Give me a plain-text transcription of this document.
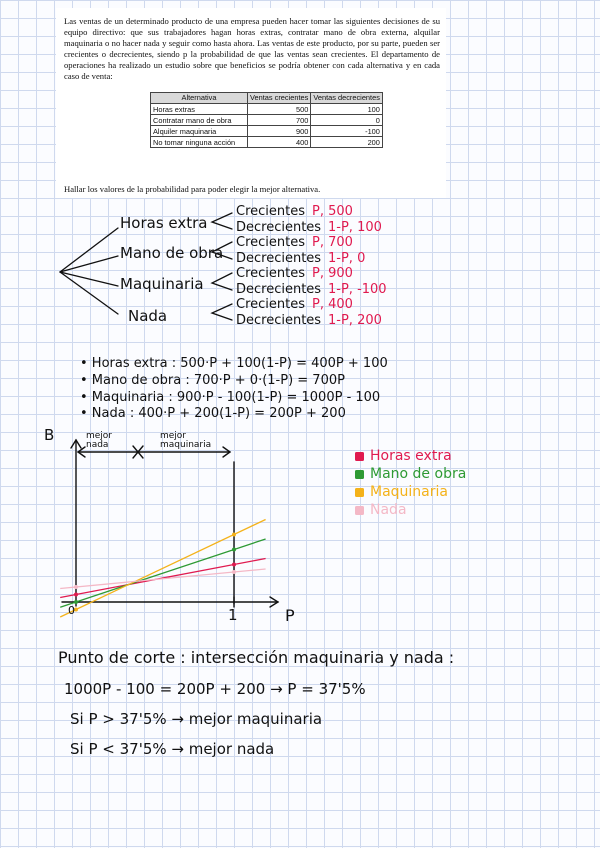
Las ventas de un determinado producto de una empresa pueden hacer tomar las siguientes decisiones de su equipo directivo: que sus trabajadores hagan horas extras, contratar mano de obra externa, alquilar maquinaria o no hacer nada y seguir como hasta ahora. Las ventas de este producto, por su parte, pueden ser crecientes o decrecientes, siendo p la probabilidad de que las ventas sean crecientes. El departamento de operaciones ha realizado un estudio sobre que beneficios se podría obtener con cada alternativa y en cada caso de venta:

Alternativa	Ventas crecientes	Ventas decrecientes
Horas extras	500	100
Contratar mano de obra	700	0
Alquiler maquinaria	900	-100
No tomar ninguna acción	400	200

Hallar los valores de la probabilidad para poder elegir la mejor alternativa.

Horas extra
Mano de obra
Maquinaria
Nada
Crecientes P, 500
Decrecientes 1-P, 100
Crecientes P, 700
Decrecientes 1-P, 0
Crecientes P, 900
Decrecientes 1-P, -100
Crecientes P, 400
Decrecientes 1-P, 200
• Horas extra : 500·P + 100(1-P) = 400P + 100
• Mano de obra : 700·P + 0·(1-P) = 700P
• Maquinaria : 900·P - 100(1-P) = 1000P - 100
• Nada : 400·P + 200(1-P) = 200P + 200
B
P
0	1
mejor nada
mejor maquinaria
Horas extra
Mano de obra
Maquinaria
Nada
Punto de corte : intersección maquinaria y nada :
1000P - 100 = 200P + 200 → P = 37'5%
Si P > 37'5% → mejor maquinaria
Si P < 37'5% → mejor nada
